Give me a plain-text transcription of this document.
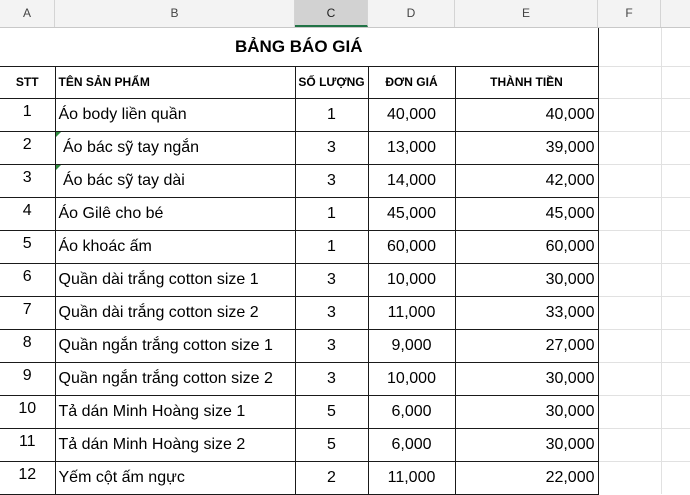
A	B	C	D	E	F
BẢNG BÁO GIÁ				
STT	TÊN SẢN PHẨM	SỐ LƯỢNG	ĐƠN GIÁ	THÀNH TIỀN
1	Áo body liền quần	1	40,000	40,000
2	Áo bác sỹ tay ngắn	3	13,000	39,000
3	Áo bác sỹ tay dài	3	14,000	42,000
4	Áo Gilê cho bé	1	45,000	45,000
5	Áo khoác ấm	1	60,000	60,000
6	Quần dài trắng cotton size 1	3	10,000	30,000
7	Quần dài trắng cotton size 2	3	11,000	33,000
8	Quần ngắn trắng cotton size 1	3	9,000	27,000
9	Quần ngắn trắng cotton size 2	3	10,000	30,000
10	Tả dán Minh Hoàng size 1	5	6,000	30,000
11	Tả dán Minh Hoàng size 2	5	6,000	30,000
12	Yếm cột ấm ngực	2	11,000	22,000
